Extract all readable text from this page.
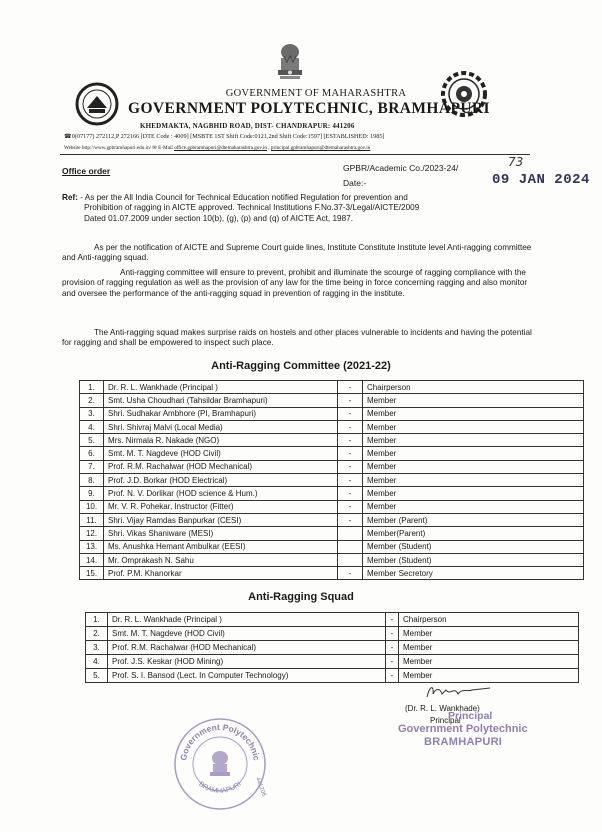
GOVERNMENT OF MAHARASHTRA
GOVERNMENT POLYTECHNIC, BRAMHAPURI
KHEDMAKTA, NAGBHID ROAD, DIST- CHANDRAPUR: 441206
☎0(07177) 272112,P 272166 [DTE Code : 4009] [MSBTE 1ST Shift Code:0121,2nd Shift Code:1597] [ESTABLISHED: 1985]
Website http://www.gpbramhapuri.edu.in/ ✉ E-Mail office.gpbramhapuri@dtemaharashtra.gov.in , principal.gpbramhapuri@dtemaharashtra.gov.in
Office order	GPBR/Academic Co./2023-24/	73
Date:-	09 JAN 2024
Ref: - As per the All India Council for Technical Education notified Regulation for prevention and
Prohibition of ragging in AICTE approved. Technical Institutions F.No.37-3/Legal/AICTE/2009
Dated 01.07.2009 under section 10(b), (g), (p) and (q) of AICTE Act, 1987.
As per the notification of AICTE and Supreme Court guide lines, Institute Constitute Institute level Anti-ragging committee and Anti-ragging squad.
Anti-ragging committee will ensure to prevent, prohibit and illuminate the scourge of ragging compliance with the provision of ragging regulation as well as the provision of any law for the time being in force concerning ragging and also monitor and oversee the performance of the anti-ragging squad in prevention of ragging in the institute.
The Anti-ragging squad makes surprise raids on hostels and other places vulnerable to incidents and having the potential for ragging and shall be empowered to inspect such place.
Anti-Ragging Committee (2021-22)
1.	Dr. R. L. Wankhade (Principal )	-	Chairperson
2.	Smt. Usha Choudhari (Tahsildar Bramhapuri)	-	Member
3.	Shri. Sudhakar Ambhore (PI, Bramhapuri)	-	Member
4.	Shri. Shivraj Malvi (Local Media)	-	Member
5.	Mrs. Nirmala R. Nakade (NGO)	-	Member
6.	Smt. M. T. Nagdeve (HOD Civil)	-	Member
7.	Prof. R.M. Rachalwar (HOD Mechanical)	-	Member
8.	Prof. J.D. Borkar (HOD Electrical)	-	Member
9.	Prof. N. V. Dorlikar (HOD science & Hum.)	-	Member
10.	Mr. V. R. Pohekar, Instructor (Fitter)	-	Member
11.	Shri. Vijay Ramdas Banpurkar (CESI)	-	Member (Parent)
12.	Shri. Vikas Shaniware (MESI)		Member(Parent)
13.	Ms. Anushka Hemant Ambulkar (EESI)		Member (Student)
14.	Mr. Omprakash N. Sahu		Member (Student)
15.	Prof. P.M. Khanorkar	-	Member Secretory
Anti-Ragging Squad
1.	Dr. R. L. Wankhade (Principal )	-	Chairperson
2.	Smt. M. T. Nagdeve (HOD Civil)	-	Member
3.	Prof. R.M. Rachalwar (HOD Mechanical)	-	Member
4.	Prof. J.S. Keskar (HOD Mining)	-	Member
5.	Prof. S. I. Bansod (Lect. In Computer Technology)	-	Member
(Dr. R. L. Wankhade)
Principal
Principal
Government Polytechnic
BRAMHAPURI
Government Polytechnic
BRAMHAPURI 441206
